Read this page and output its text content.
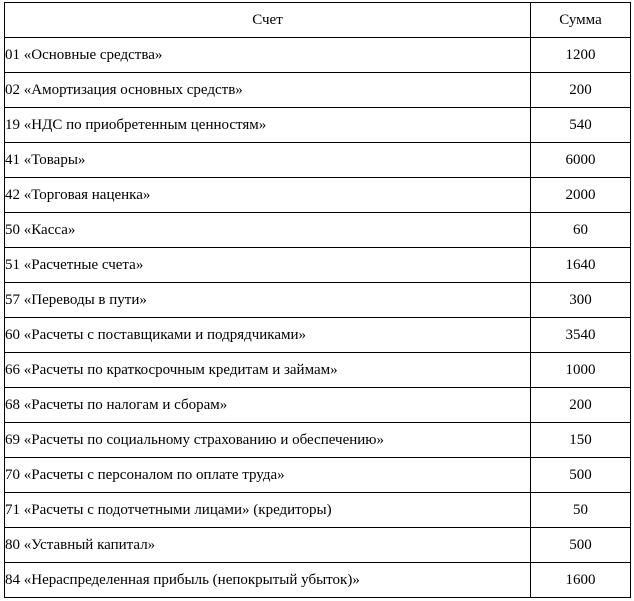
Счет	Сумма
01 «Основные средства»	1200
02 «Амортизация основных средств»	200
19 «НДС по приобретенным ценностям»	540
41 «Товары»	6000
42 «Торговая наценка»	2000
50 «Касса»	60
51 «Расчетные счета»	1640
57 «Переводы в пути»	300
60 «Расчеты с поставщиками и подрядчиками»	3540
66 «Расчеты по краткосрочным кредитам и займам»	1000
68 «Расчеты по налогам и сборам»	200
69 «Расчеты по социальному страхованию и обеспечению»	150
70 «Расчеты с персоналом по оплате труда»	500
71 «Расчеты с подотчетными лицами» (кредиторы)	50
80 «Уставный капитал»	500
84 «Нераспределенная прибыль (непокрытый убыток)»	1600
